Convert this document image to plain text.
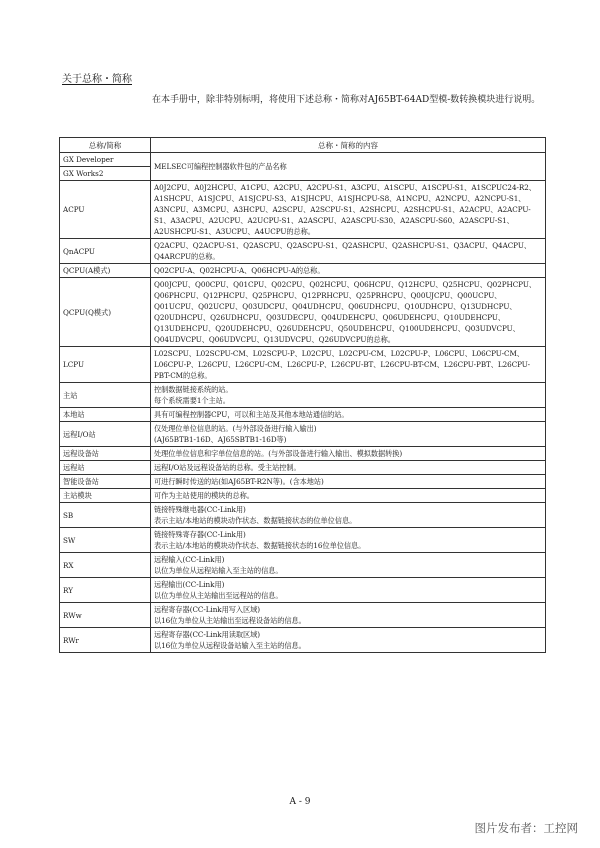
关于总称・简称
在本手册中，除非特别标明，将使用下述总称・简称对AJ65BT-64AD型模-数转换模块进行说明。
总称/简称	总称・简称的内容
GX Developer	MELSEC可编程控制器软件包的产品名称

GX Works2	
ACPU	A0J2CPU、A0J2HCPU、A1CPU、A2CPU、A2CPU-S1、A3CPU、A1SCPU、A1SCPU-S1、A1SCPUC24-R2、A1SHCPU、A1SJCPU、A1SJCPU-S3、A1SJHCPU、A1SJHCPU-S8、A1NCPU、A2NCPU、A2NCPU-S1、A3NCPU、A3MCPU、A3HCPU、A2SCPU、A2SCPU-S1、A2SHCPU、A2SHCPU-S1、A2ACPU、A2ACPU-S1、A3ACPU、A2UCPU、A2UCPU-S1、A2ASCPU、A2ASCPU-S30、A2ASCPU-S60、A2ASCPU-S1、A2USHCPU-S1、A3UCPU、A4UCPU的总称。

QnACPU	Q2ACPU、Q2ACPU-S1、Q2ASCPU、Q2ASCPU-S1、Q2ASHCPU、Q2ASHCPU-S1、Q3ACPU、Q4ACPU、Q4ARCPU的总称。

QCPU(A模式)	Q02CPU-A、Q02HCPU-A、Q06HCPU-A的总称。

QCPU(Q模式)	Q00JCPU、Q00CPU、Q01CPU、Q02CPU、Q02HCPU、Q06HCPU、Q12HCPU、Q25HCPU、Q02PHCPU、Q06PHCPU、Q12PHCPU、Q25PHCPU、Q12PRHCPU、Q25PRHCPU、Q00UJCPU、Q00UCPU、Q01UCPU、Q02UCPU、Q03UDCPU、Q04UDHCPU、Q06UDHCPU、Q10UDHCPU、Q13UDHCPU、Q20UDHCPU、Q26UDHCPU、Q03UDECPU、Q04UDEHCPU、Q06UDEHCPU、Q10UDEHCPU、Q13UDEHCPU、Q20UDEHCPU、Q26UDEHCPU、Q50UDEHCPU、Q100UDEHCPU、Q03UDVCPU、Q04UDVCPU、Q06UDVCPU、Q13UDVCPU、Q26UDVCPU的总称。

LCPU	L02SCPU、L02SCPU-CM、L02SCPU-P、L02CPU、L02CPU-CM、L02CPU-P、L06CPU、L06CPU-CM、L06CPU-P、L26CPU、L26CPU-CM、L26CPU-P、L26CPU-BT、L26CPU-BT-CM、L26CPU-PBT、L26CPU-PBT-CM的总称。

主站	控制数据链接系统的站。
每个系统需要1个主站。

本地站	具有可编程控制器CPU，可以和主站及其他本地站通信的站。

远程I/O站	仅处理位单位信息的站。(与外部设备进行输入输出)
(AJ65BTB1-16D、AJ65SBTB1-16D等)

远程设备站	处理位单位信息和字单位信息的站。(与外部设备进行输入输出、模拟数据转换)

远程站	远程I/O站及远程设备站的总称。受主站控制。

智能设备站	可进行瞬时传送的站(如AJ65BT-R2N等)。(含本地站)

主站模块	可作为主站使用的模块的总称。

SB	链接特殊继电器(CC-Link用)
表示主站/本地站的模块动作状态、数据链接状态的位单位信息。

SW	链接特殊寄存器(CC-Link用)
表示主站/本地站的模块动作状态、数据链接状态的16位单位信息。

RX	远程输入(CC-Link用)
以位为单位从远程站输入至主站的信息。

RY	远程输出(CC-Link用)
以位为单位从主站输出至远程站的信息。

RWw	远程寄存器(CC-Link用写入区域)
以16位为单位从主站输出至远程设备站的信息。

RWr	远程寄存器(CC-Link用读取区域)
以16位为单位从远程设备站输入至主站的信息。
A - 9
图片发布者：工控网
